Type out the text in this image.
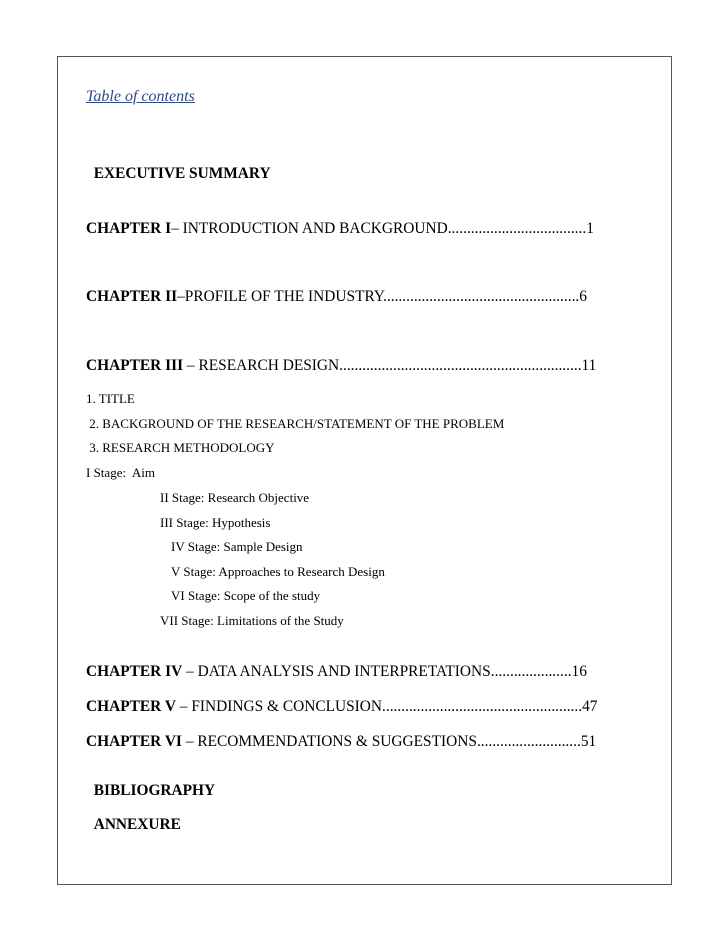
Table of contents

EXECUTIVE SUMMARY

CHAPTER I– INTRODUCTION AND BACKGROUND....................................1
CHAPTER II–PROFILE OF THE INDUSTRY...................................................6
CHAPTER III – RESEARCH DESIGN...............................................................11
1. TITLE
2. BACKGROUND OF THE RESEARCH/STATEMENT OF THE PROBLEM
3. RESEARCH METHODOLOGY
I Stage:  Aim
II Stage: Research Objective
III Stage: Hypothesis
IV Stage: Sample Design
V Stage: Approaches to Research Design
VI Stage: Scope of the study
VII Stage: Limitations of the Study
CHAPTER IV – DATA ANALYSIS AND INTERPRETATIONS.....................16
CHAPTER V – FINDINGS & CONCLUSION....................................................47
CHAPTER VI – RECOMMENDATIONS & SUGGESTIONS...........................51

BIBLIOGRAPHY

ANNEXURE
